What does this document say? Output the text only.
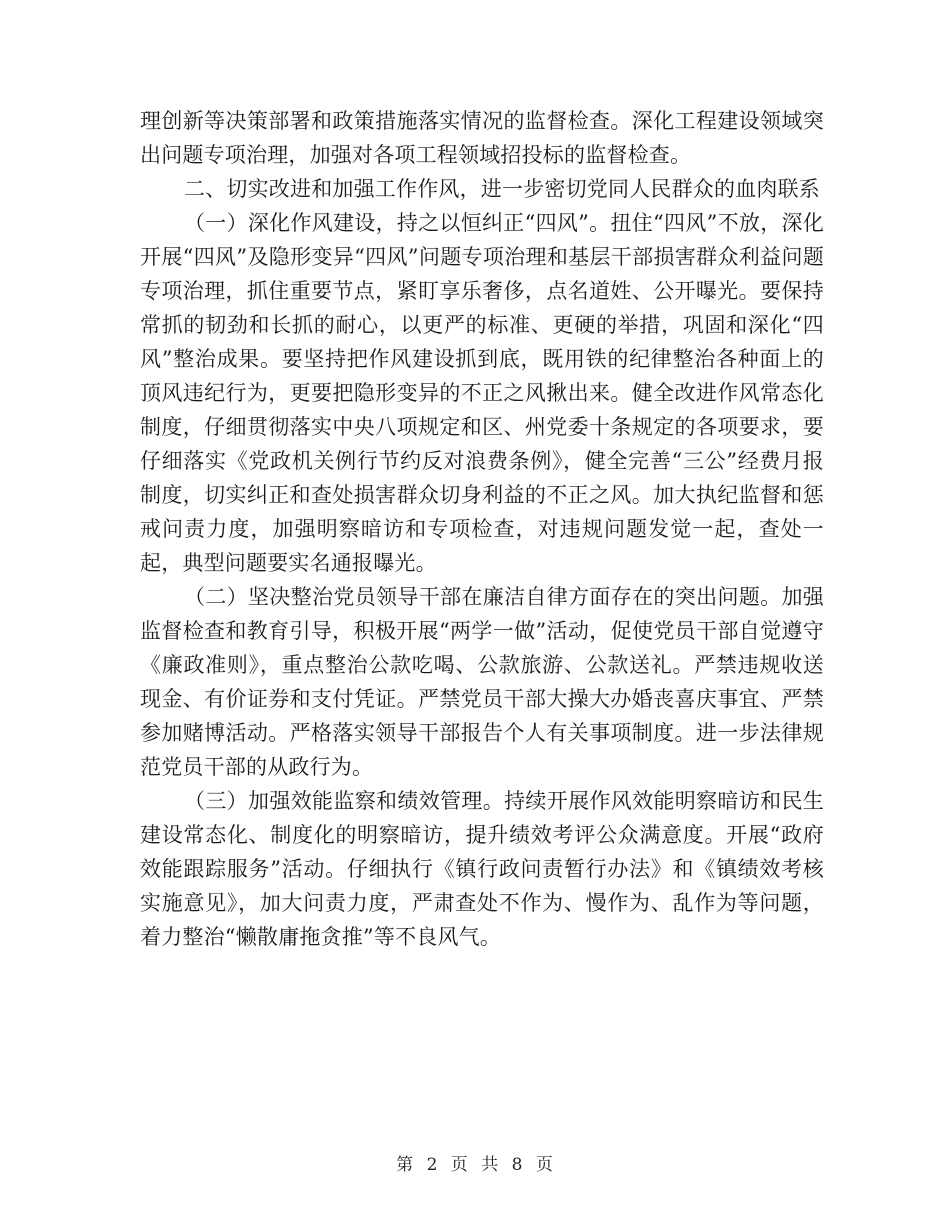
理创新等决策部署和政策措施落实情况的监督检查。深化工程建设领域突出问题专项治理，加强对各项工程领域招投标的监督检查。

二、切实改进和加强工作作风，进一步密切党同人民群众的血肉联系

（一）深化作风建设，持之以恒纠正“四风”。扭住“四风”不放，深化开展“四风”及隐形变异“四风”问题专项治理和基层干部损害群众利益问题专项治理，抓住重要节点，紧盯享乐奢侈，点名道姓、公开曝光。要保持常抓的韧劲和长抓的耐心，以更严的标准、更硬的举措，巩固和深化“四风”整治成果。要坚持把作风建设抓到底，既用铁的纪律整治各种面上的顶风违纪行为，更要把隐形变异的不正之风揪出来。健全改进作风常态化制度，仔细贯彻落实中央八项规定和区、州党委十条规定的各项要求，要仔细落实《党政机关例行节约反对浪费条例》，健全完善“三公”经费月报制度，切实纠正和查处损害群众切身利益的不正之风。加大执纪监督和惩戒问责力度，加强明察暗访和专项检查，对违规问题发觉一起，查处一起，典型问题要实名通报曝光。

（二）坚决整治党员领导干部在廉洁自律方面存在的突出问题。加强监督检查和教育引导，积极开展“两学一做”活动，促使党员干部自觉遵守《廉政准则》，重点整治公款吃喝、公款旅游、公款送礼。严禁违规收送现金、有价证券和支付凭证。严禁党员干部大操大办婚丧喜庆事宜、严禁参加赌博活动。严格落实领导干部报告个人有关事项制度。进一步法律规范党员干部的从政行为。

（三）加强效能监察和绩效管理。持续开展作风效能明察暗访和民生建设常态化、制度化的明察暗访，提升绩效考评公众满意度。开展“政府效能跟踪服务”活动。仔细执行《镇行政问责暂行办法》和《镇绩效考核实施意见》，加大问责力度，严肃查处不作为、慢作为、乱作为等问题，着力整治“懒散庸拖贪推”等不良风气。

第 2 页 共 8 页
